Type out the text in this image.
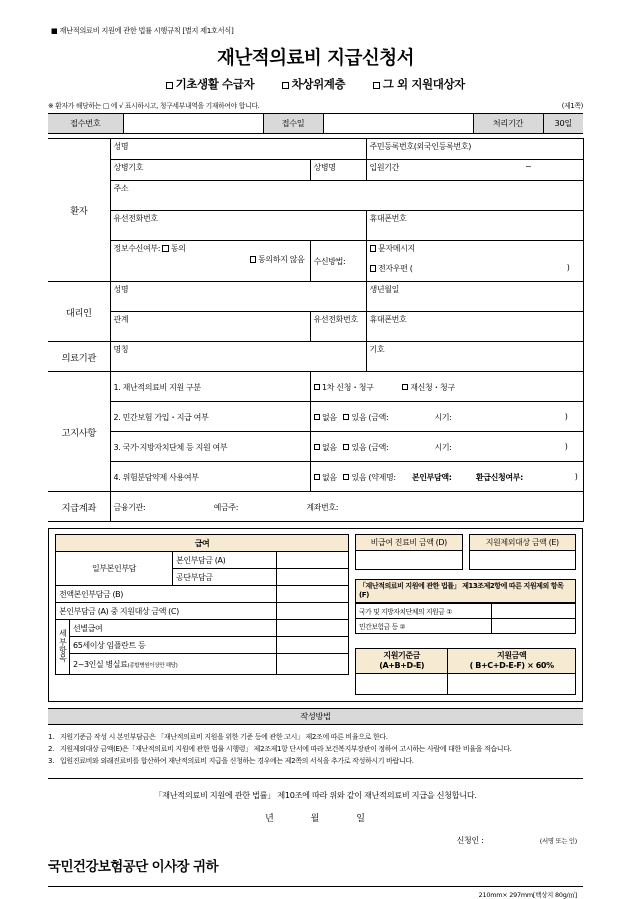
■ 재난적의료비 지원에 관한 법률 시행규칙 [별지 제1호서식]
재난적의료비 지급신청서
기초생활 수급자	차상위계층	그 외 지원대상자
※ 환자가 해당하는 □ 에 √ 표시하시고, 청구세부내역을 기재하여야 합니다.	(제1쪽)
접수번호		접수일		처리기간	30일
환자	성명		주민등록번호(외국인등록번호)
	상병기호	상병명	입원기간 ~

	주소		
	유선전화번호		휴대폰번호
	정보수신여부: 동의
동의하지 않음	수신방법:	문자메시지
			전자우편 ( )

대리인	성명		생년월일
	관계	유선전화번호	휴대폰번호
의료기관	명칭		기호
고지사항	1. 재난적의료비 지원 구분	1차 신청・청구 재신청・청구	
	2. 민간보험 가입・지급 여부	없음 있음 (금액: 시기: )	

	3. 국가·지방자치단체 등 지원 여부	없음 있음 (금액: 시기: )	

	4. 위험분담약제 사용여부	없음 있음 (약제명: 본인부담액: 환급신청여부: )	

지급계좌	금융기관: 예금주: 계좌번호:		
급여			
일부본인부담		본인부담금 (A)	
		공단부담금	
전액본인부담금 (B)			
본인부담금 (A) 중 지원대상 금액 (C)			
세부항목	선별급여		
	65세이상 임플란트 등		
	2~3인실 병실료(종합병원이상만 해당)		
비급여 진료비 금액 (D)	지원제외대상 금액 (E)
「재난적의료비 지원에 관한 법률」 제13조제2항에 따른 지원제외 항목 (F)
국가 및 지방자치단체의 지원금 ①	
민간보험금 등 ②	
지원기준금
(A+B+D-E)	지원금액
( B+C+D-E-F) × 60%

작성방법
1. 지원기준금 작성 시 본인부담금은 「재난적의료비 지원을 위한 기준 등에 관한 고시」 제2조에 따른 비율으로 한다.
2. 지원제외대상 금액(E)은「재난적의료비 지원에 관한 법률 시행령」 제2조제1항 단서에 따라 보건복지부장관이 정하여 고시하는 사람에 대한 비율을 적습니다.
3. 입원진료비와 외래진료비를 합산하여 재난적의료비 지급을 신청하는 경우에는 제2쪽의 서식을 추가로 작성하시기 바랍니다.
「재난적의료비 지원에 관한 법률」 제10조에 따라 위와 같이 재난적의료비 지급을 신청합니다.
년	월	일
신청인 :	(서명 또는 인)
국민건강보험공단 이사장 귀하
210mm× 297mm[백상지 80g/㎡]
